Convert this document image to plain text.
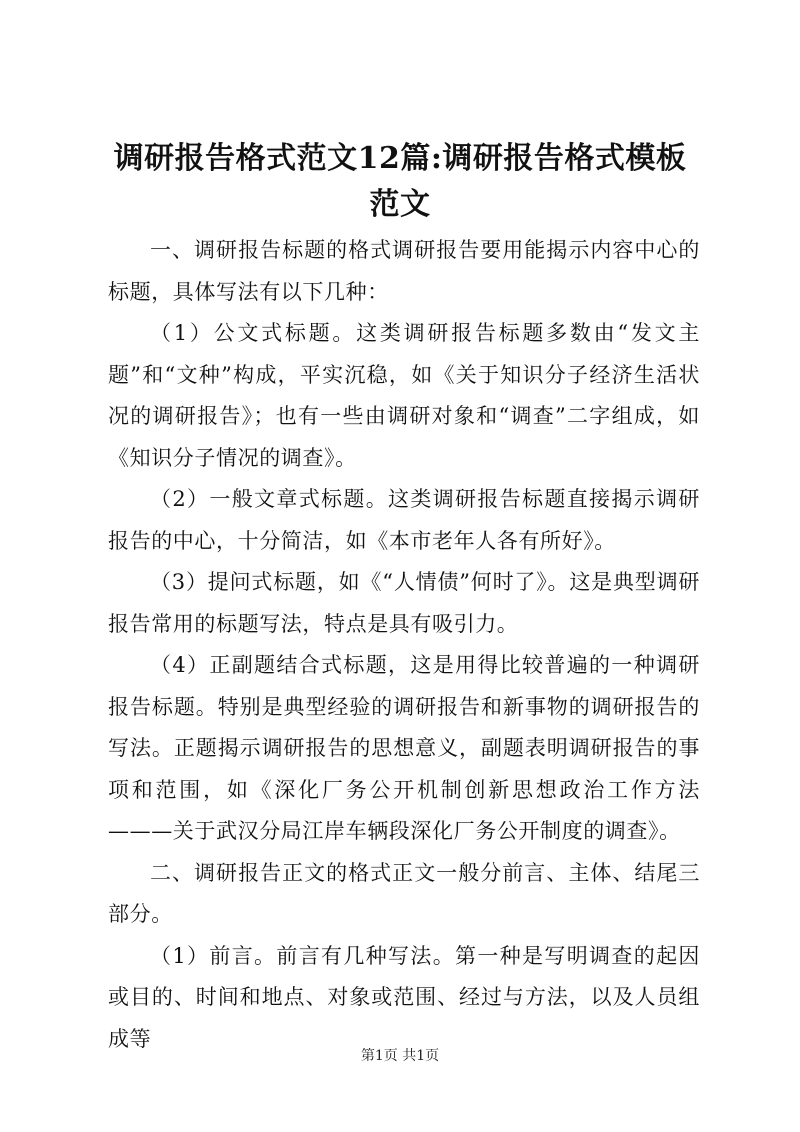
调研报告格式范文12篇:调研报告格式模板范文

一、调研报告标题的格式调研报告要用能揭示内容中心的标题，具体写法有以下几种：

（1）公文式标题。这类调研报告标题多数由“发文主题”和“文种”构成，平实沉稳，如《关于知识分子经济生活状况的调研报告》；也有一些由调研对象和“调查”二字组成，如《知识分子情况的调查》。

（2）一般文章式标题。这类调研报告标题直接揭示调研报告的中心，十分简洁，如《本市老年人各有所好》。

（3）提问式标题，如《“人情债”何时了》。这是典型调研报告常用的标题写法，特点是具有吸引力。

（4）正副题结合式标题，这是用得比较普遍的一种调研报告标题。特别是典型经验的调研报告和新事物的调研报告的写法。正题揭示调研报告的思想意义，副题表明调研报告的事项和范围，如《深化厂务公开机制创新思想政治工作方法———关于武汉分局江岸车辆段深化厂务公开制度的调查》。

二、调研报告正文的格式正文一般分前言、主体、结尾三部分。

（1）前言。前言有几种写法。第一种是写明调查的起因或目的、时间和地点、对象或范围、经过与方法，以及人员组成等

第1页 共1页
